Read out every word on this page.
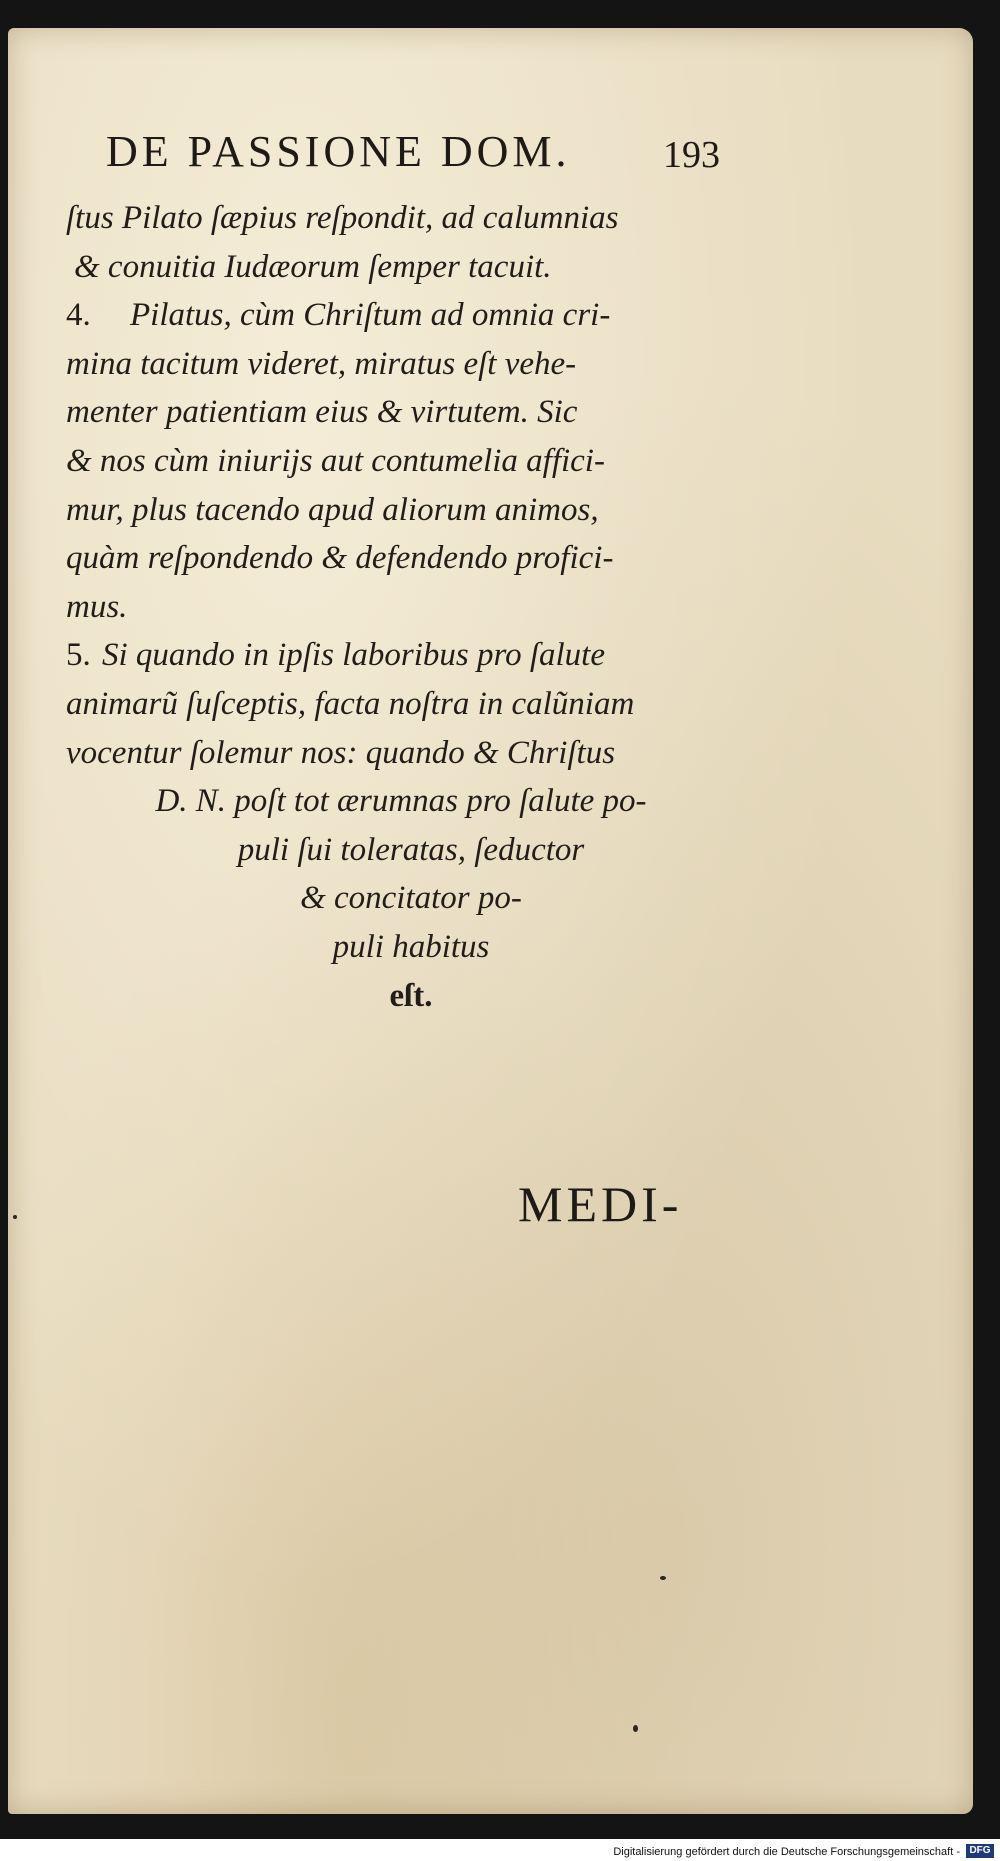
DE PASSIONE DOM.	193
ſtus Pilato ſæpius reſpondit, ad calumnias
& conuitia Iudæorum ſemper tacuit.
4. Pilatus, cùm Chriſtum ad omnia cri-
mina tacitum videret, miratus eſt vehe-
menter patientiam eius & virtutem. Sic
& nos cùm iniurijs aut contumelia affici-
mur, plus tacendo apud aliorum animos,
quàm reſpondendo & defendendo profici-
mus.
5. Si quando in ipſis laboribus pro ſalute
animarũ ſuſceptis, facta noſtra in calũniam
vocentur ſolemur nos: quando & Chriſtus
D. N. poſt tot ærumnas pro ſalute po-
puli ſui toleratas, ſeductor
& concitator po-
puli habitus
eſt.
MEDI-
Digitalisierung gefördert durch die Deutsche Forschungsgemeinschaft - DFG
